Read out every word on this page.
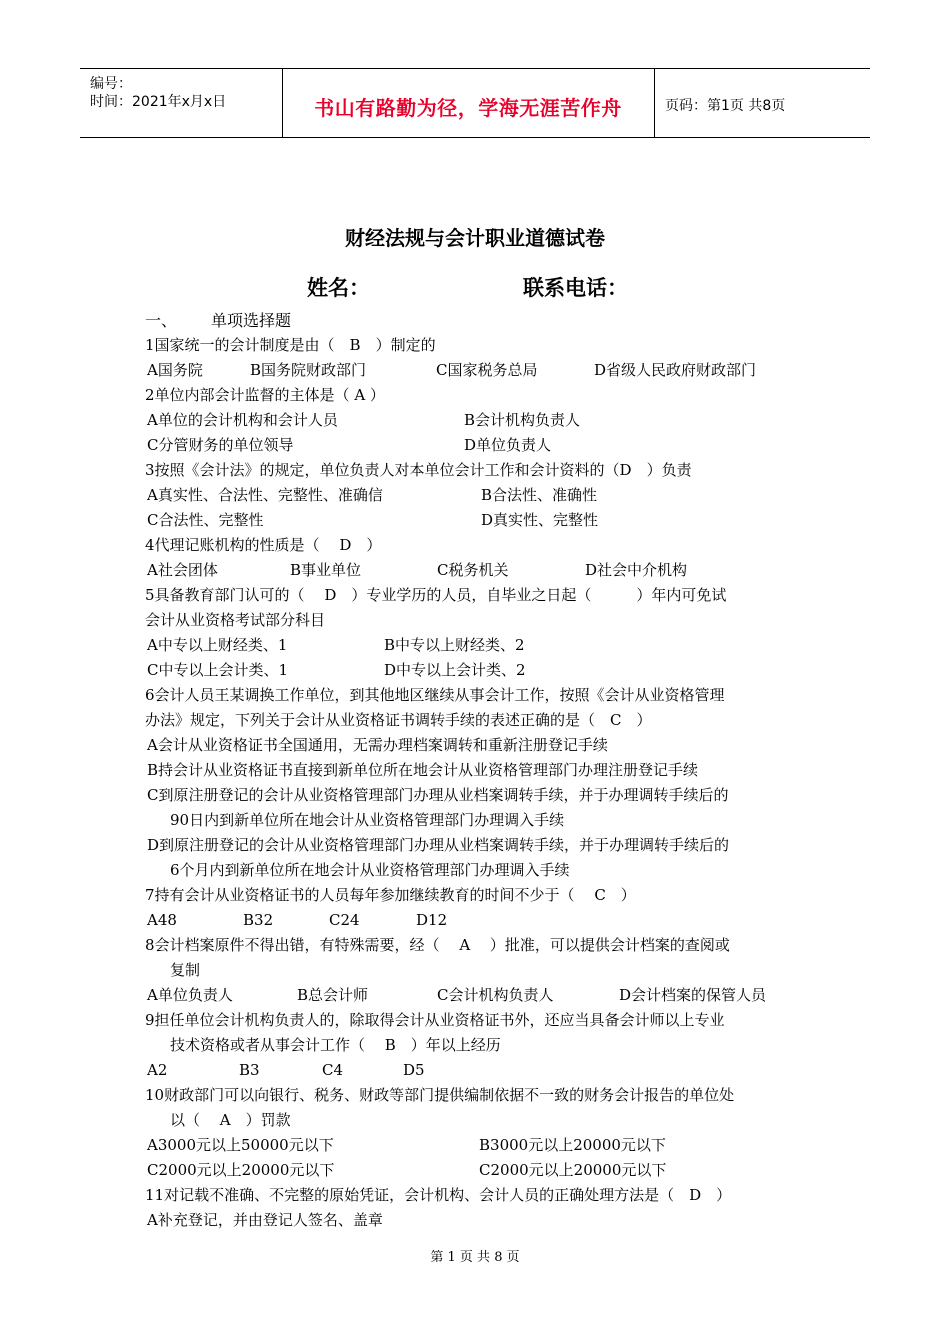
编号：
时间：2021年x月x日	书山有路勤为径，学海无涯苦作舟	页码：第1页 共8页
财经法规与会计职业道德试卷
姓名：	联系电话：
一、 单项选择题
1国家统一的会计制度是由（　B　）制定的
A国务院	B国务院财政部门	C国家税务总局	D省级人民政府财政部门
2单位内部会计监督的主体是（ A ）
A单位的会计机构和会计人员	B会计机构负责人
C分管财务的单位领导	D单位负责人
3按照《会计法》的规定，单位负责人对本单位会计工作和会计资料的（D　）负责
A真实性、合法性、完整性、准确信	B合法性、准确性
C合法性、完整性	D真实性、完整性
4代理记账机构的性质是（　 D　）
A社会团体	B事业单位	C税务机关	D社会中介机构
5具备教育部门认可的（　 D　）专业学历的人员，自毕业之日起（　　　）年内可免试
会计从业资格考试部分科目
A中专以上财经类、1	B中专以上财经类、2
C中专以上会计类、1	D中专以上会计类、2
6会计人员王某调换工作单位，到其他地区继续从事会计工作，按照《会计从业资格管理
办法》规定，下列关于会计从业资格证书调转手续的表述正确的是（　C　）
A会计从业资格证书全国通用，无需办理档案调转和重新注册登记手续
B持会计从业资格证书直接到新单位所在地会计从业资格管理部门办理注册登记手续
C到原注册登记的会计从业资格管理部门办理从业档案调转手续，并于办理调转手续后的
90日内到新单位所在地会计从业资格管理部门办理调入手续
D到原注册登记的会计从业资格管理部门办理从业档案调转手续，并于办理调转手续后的
6个月内到新单位所在地会计从业资格管理部门办理调入手续
7持有会计从业资格证书的人员每年参加继续教育的时间不少于（　 C　）
A48	B32	C24	D12
8会计档案原件不得出错，有特殊需要，经（　 A　 ）批准，可以提供会计档案的查阅或
复制
A单位负责人	B总会计师	C会计机构负责人	D会计档案的保管人员
9担任单位会计机构负责人的，除取得会计从业资格证书外，还应当具备会计师以上专业
技术资格或者从事会计工作（　 B　）年以上经历
A2	B3	C4	D5
10财政部门可以向银行、税务、财政等部门提供编制依据不一致的财务会计报告的单位处
以（　 A　）罚款
A3000元以上50000元以下	B3000元以上20000元以下
C2000元以上20000元以下	C2000元以上20000元以下
11对记载不准确、不完整的原始凭证，会计机构、会计人员的正确处理方法是（　D　）
A补充登记，并由登记人签名、盖章
第 1 页 共 8 页
